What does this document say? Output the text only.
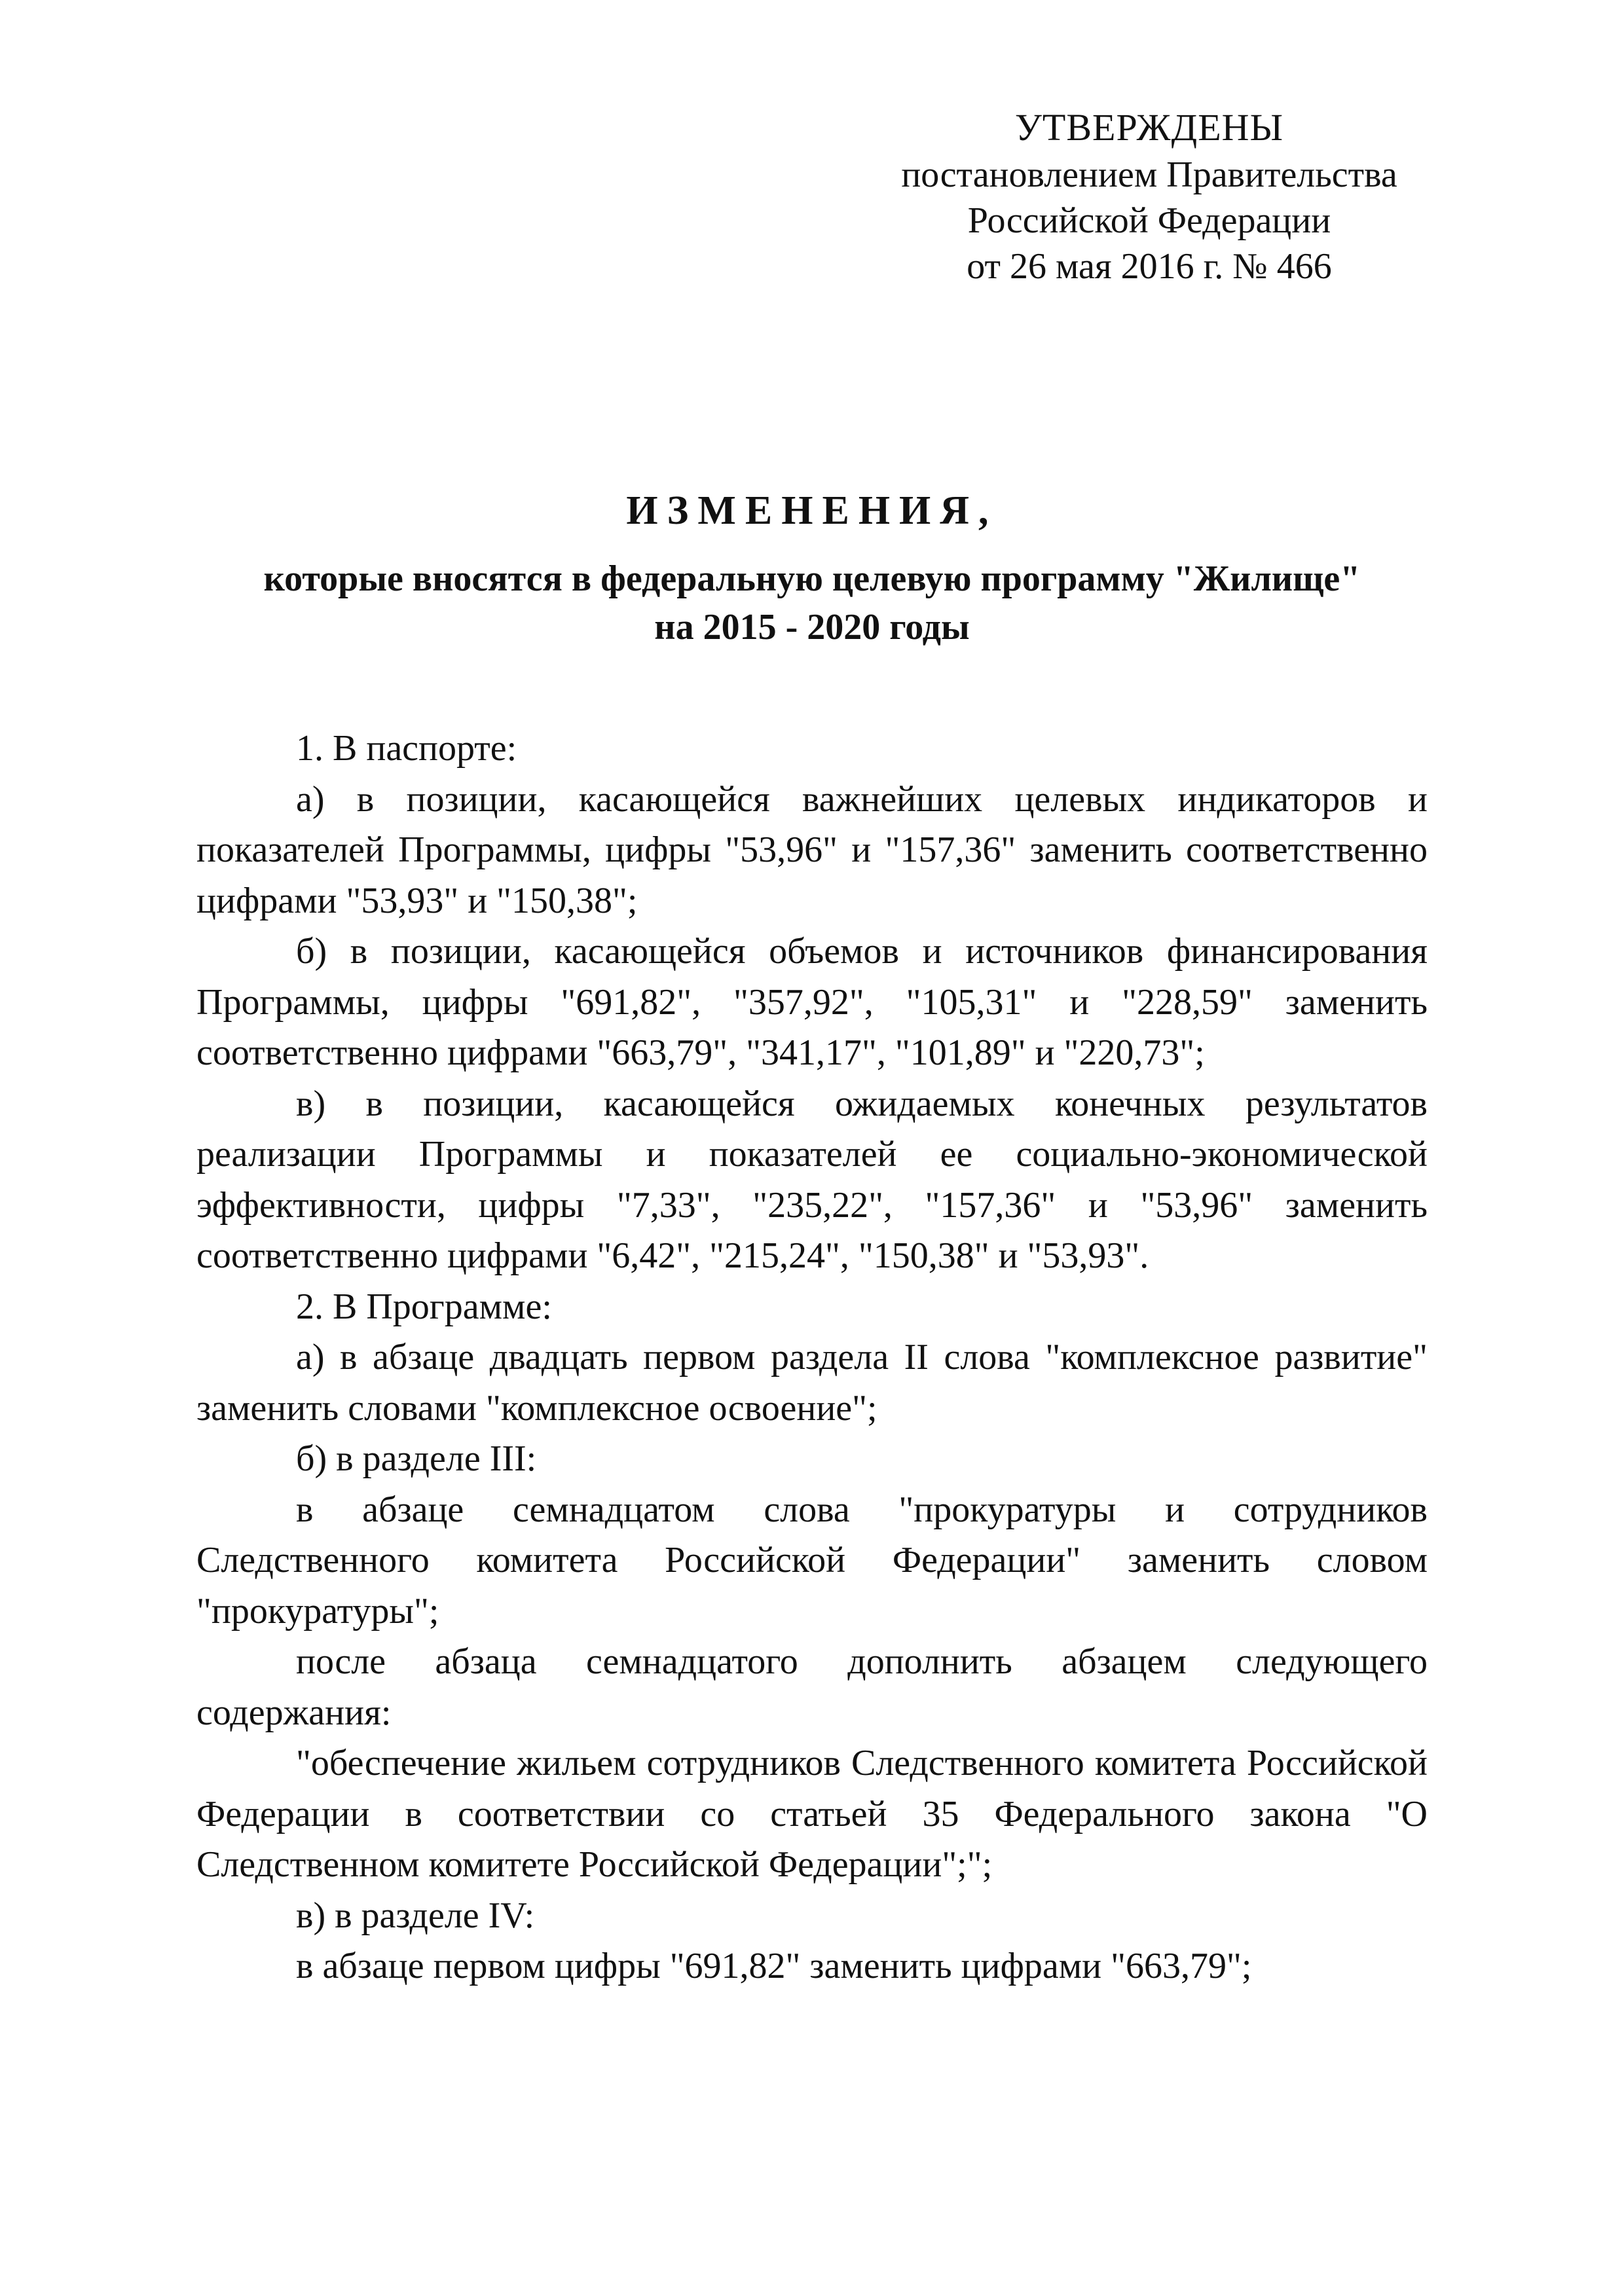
УТВЕРЖДЕНЫ
постановлением Правительства
Российской Федерации
от 26 мая 2016 г. № 466
ИЗМЕНЕНИЯ,
которые вносятся в федеральную целевую программу "Жилище"
на 2015 - 2020 годы

1. В паспорте:

а) в позиции, касающейся важнейших целевых индикаторов и показателей Программы, цифры "53,96" и "157,36" заменить соответственно цифрами "53,93" и "150,38";

б) в позиции, касающейся объемов и источников финансирования Программы, цифры "691,82", "357,92", "105,31" и "228,59" заменить соответственно цифрами "663,79", "341,17", "101,89" и "220,73";

в) в позиции, касающейся ожидаемых конечных результатов реализации Программы и показателей ее социально-экономической эффективности, цифры "7,33", "235,22", "157,36" и "53,96" заменить соответственно цифрами "6,42", "215,24", "150,38" и "53,93".

2. В Программе:

а) в абзаце двадцать первом раздела II слова "комплексное развитие" заменить словами "комплексное освоение";

б) в разделе III:

в абзаце семнадцатом слова "прокуратуры и сотрудников Следственного комитета Российской Федерации" заменить словом "прокуратуры";

после абзаца семнадцатого дополнить абзацем следующего содержания:

"обеспечение жильем сотрудников Следственного комитета Российской Федерации в соответствии со статьей 35 Федерального закона "О Следственном комитете Российской Федерации";";

в) в разделе IV:

в абзаце первом цифры "691,82" заменить цифрами "663,79";
